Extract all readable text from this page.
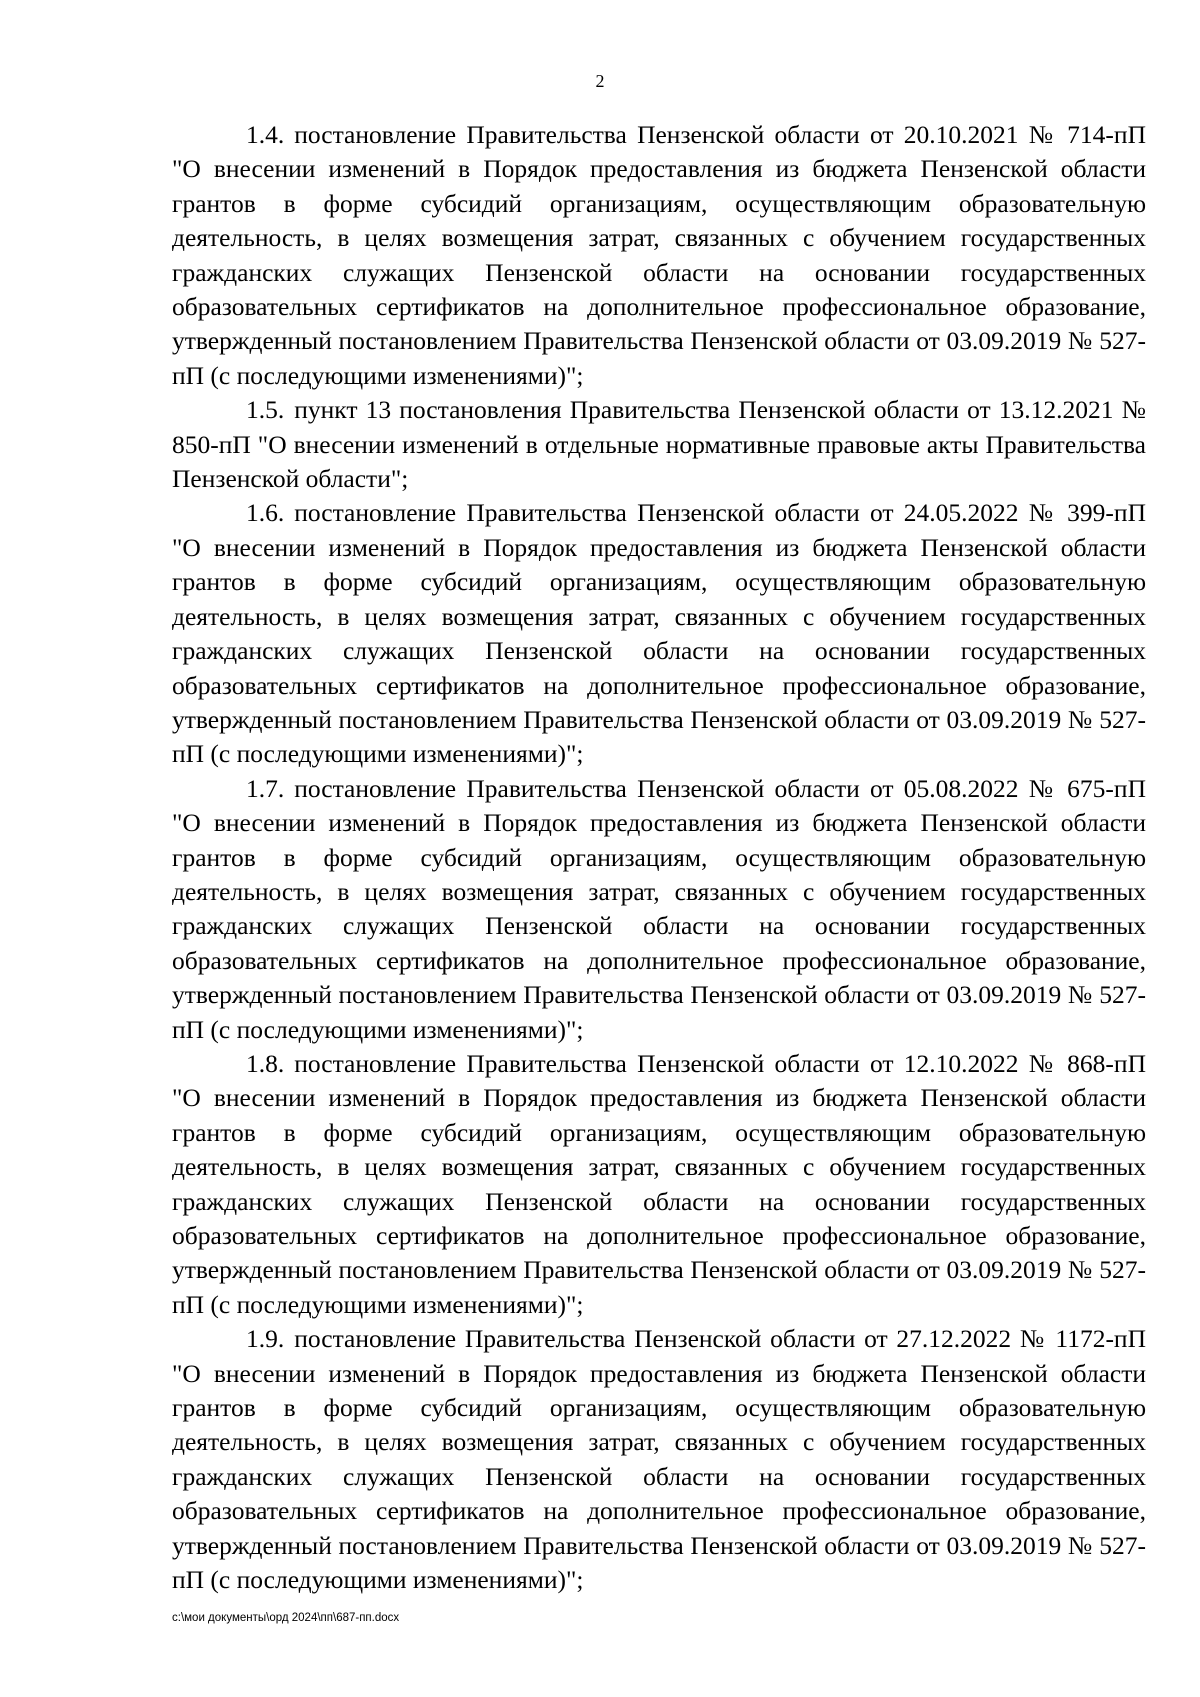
2

1.4. постановление Правительства Пензенской области от 20.10.2021 № 714-пП "О внесении изменений в Порядок предоставления из бюджета Пензенской области грантов в форме субсидий организациям, осуществляющим образовательную деятельность, в целях возмещения затрат, связанных с обучением государственных гражданских служащих Пензенской области на основании государственных образовательных сертификатов на дополнительное профессиональное образование, утвержденный постановлением Правительства Пензенской области от 03.09.2019 № 527-пП (с последующими изменениями)";

1.5. пункт 13 постановления Правительства Пензенской области от 13.12.2021 № 850-пП "О внесении изменений в отдельные нормативные правовые акты Правительства Пензенской области";

1.6. постановление Правительства Пензенской области от 24.05.2022 № 399-пП "О внесении изменений в Порядок предоставления из бюджета Пензенской области грантов в форме субсидий организациям, осуществляющим образовательную деятельность, в целях возмещения затрат, связанных с обучением государственных гражданских служащих Пензенской области на основании государственных образовательных сертификатов на дополнительное профессиональное образование, утвержденный постановлением Правительства Пензенской области от 03.09.2019 № 527-пП (с последующими изменениями)";

1.7. постановление Правительства Пензенской области от 05.08.2022 № 675-пП "О внесении изменений в Порядок предоставления из бюджета Пензенской области грантов в форме субсидий организациям, осуществляющим образовательную деятельность, в целях возмещения затрат, связанных с обучением государственных гражданских служащих Пензенской области на основании государственных образовательных сертификатов на дополнительное профессиональное образование, утвержденный постановлением Правительства Пензенской области от 03.09.2019 № 527-пП (с последующими изменениями)";

1.8. постановление Правительства Пензенской области от 12.10.2022 № 868-пП "О внесении изменений в Порядок предоставления из бюджета Пензенской области грантов в форме субсидий организациям, осуществляющим образовательную деятельность, в целях возмещения затрат, связанных с обучением государственных гражданских служащих Пензенской области на основании государственных образовательных сертификатов на дополнительное профессиональное образование, утвержденный постановлением Правительства Пензенской области от 03.09.2019 № 527-пП (с последующими изменениями)";

1.9. постановление Правительства Пензенской области от 27.12.2022 № 1172-пП "О внесении изменений в Порядок предоставления из бюджета Пензенской области грантов в форме субсидий организациям, осуществляющим образовательную деятельность, в целях возмещения затрат, связанных с обучением государственных гражданских служащих Пензенской области на основании государственных образовательных сертификатов на дополнительное профессиональное образование, утвержденный постановлением Правительства Пензенской области от 03.09.2019 № 527-пП (с последующими изменениями)";

c:\мои документы\орд 2024\пп\687-пп.docx
